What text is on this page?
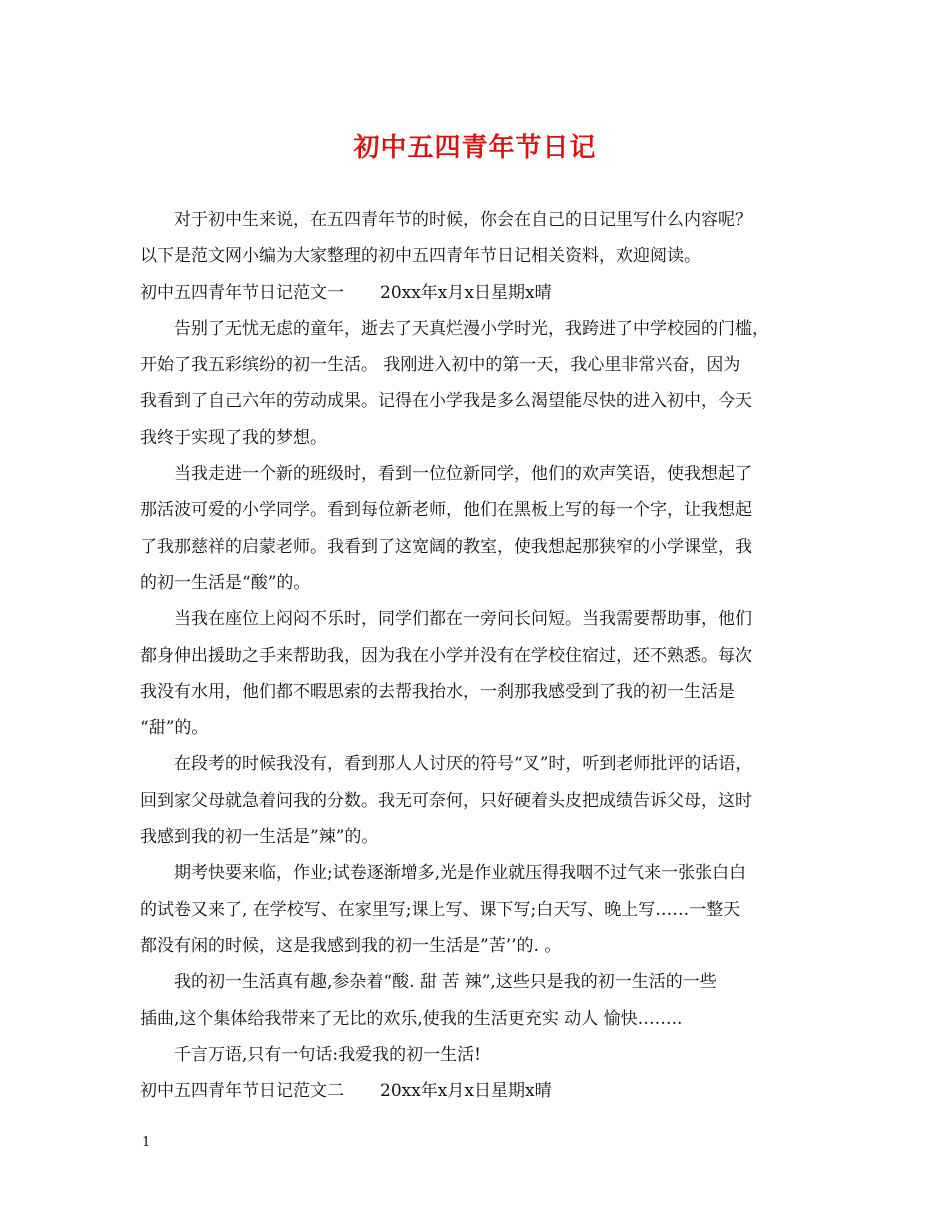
初中五四青年节日记

对于初中生来说，在五四青年节的时候，你会在自己的日记里写什么内容呢？

以下是范文网小编为大家整理的初中五四青年节日记相关资料，欢迎阅读。

初中五四青年节日记范文一 20xx年x月x日星期x晴

告别了无忧无虑的童年，逝去了天真烂漫小学时光，我跨进了中学校园的门槛，

开始了我五彩缤纷的初一生活。 我刚进入初中的第一天，我心里非常兴奋，因为

我看到了自己六年的劳动成果。记得在小学我是多么渴望能尽快的进入初中，今天

我终于实现了我的梦想。

当我走进一个新的班级时，看到一位位新同学，他们的欢声笑语，使我想起了

那活波可爱的小学同学。看到每位新老师，他们在黑板上写的每一个字，让我想起

了我那慈祥的启蒙老师。我看到了这宽阔的教室，使我想起那狭窄的小学课堂，我

的初一生活是“酸”的。

当我在座位上闷闷不乐时，同学们都在一旁问长问短。当我需要帮助事，他们

都身伸出援助之手来帮助我，因为我在小学并没有在学校住宿过，还不熟悉。每次

我没有水用，他们都不暇思索的去帮我抬水，一刹那我感受到了我的初一生活是

“甜”的。

在段考的时候我没有，看到那人人讨厌的符号“叉”时，听到老师批评的话语，

回到家父母就急着问我的分数。我无可奈何，只好硬着头皮把成绩告诉父母，这时

我感到我的初一生活是”辣”的。

期考快要来临，作业;试卷逐渐增多,光是作业就压得我咽不过气来一张张白白

的试卷又来了, 在学校写、在家里写;课上写、课下写;白天写、晚上写……一整天

都没有闲的时候，这是我感到我的初一生活是”苦’’的. 。

我的初一生活真有趣,参杂着“酸. 甜 苦 辣”,这些只是我的初一生活的一些

插曲,这个集体给我带来了无比的欢乐,使我的生活更充实 动人 愉快……..

千言万语,只有一句话:我爱我的初一生活!

初中五四青年节日记范文二 20xx年x月x日星期x晴

1
